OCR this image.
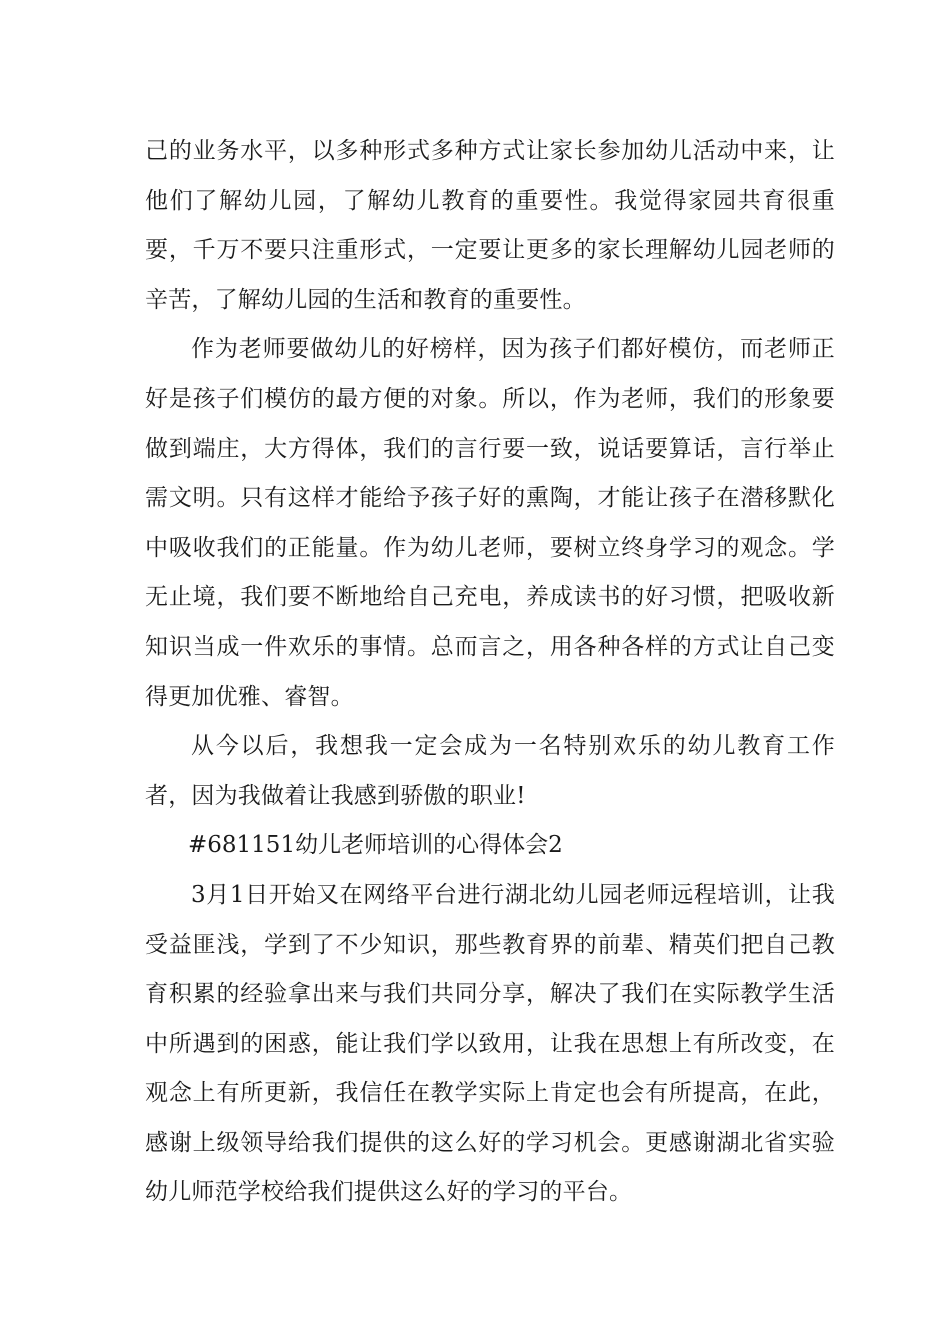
己的业务水平，以多种形式多种方式让家长参加幼儿活动中来，让他们了解幼儿园，了解幼儿教育的重要性。我觉得家园共育很重要，千万不要只注重形式，一定要让更多的家长理解幼儿园老师的辛苦，了解幼儿园的生活和教育的重要性。

作为老师要做幼儿的好榜样，因为孩子们都好模仿，而老师正好是孩子们模仿的最方便的对象。所以，作为老师，我们的形象要做到端庄，大方得体，我们的言行要一致，说话要算话，言行举止需文明。只有这样才能给予孩子好的熏陶，才能让孩子在潜移默化中吸收我们的正能量。作为幼儿老师，要树立终身学习的观念。学无止境，我们要不断地给自己充电，养成读书的好习惯，把吸收新知识当成一件欢乐的事情。总而言之，用各种各样的方式让自己变得更加优雅、睿智。

从今以后，我想我一定会成为一名特别欢乐的幼儿教育工作者，因为我做着让我感到骄傲的职业!

#681151幼儿老师培训的心得体会2

3月1日开始又在网络平台进行湖北幼儿园老师远程培训，让我受益匪浅，学到了不少知识，那些教育界的前辈、精英们把自己教育积累的经验拿出来与我们共同分享，解决了我们在实际教学生活中所遇到的困惑，能让我们学以致用，让我在思想上有所改变，在观念上有所更新，我信任在教学实际上肯定也会有所提高，在此，感谢上级领导给我们提供的这么好的学习机会。更感谢湖北省实验幼儿师范学校给我们提供这么好的学习的平台。
